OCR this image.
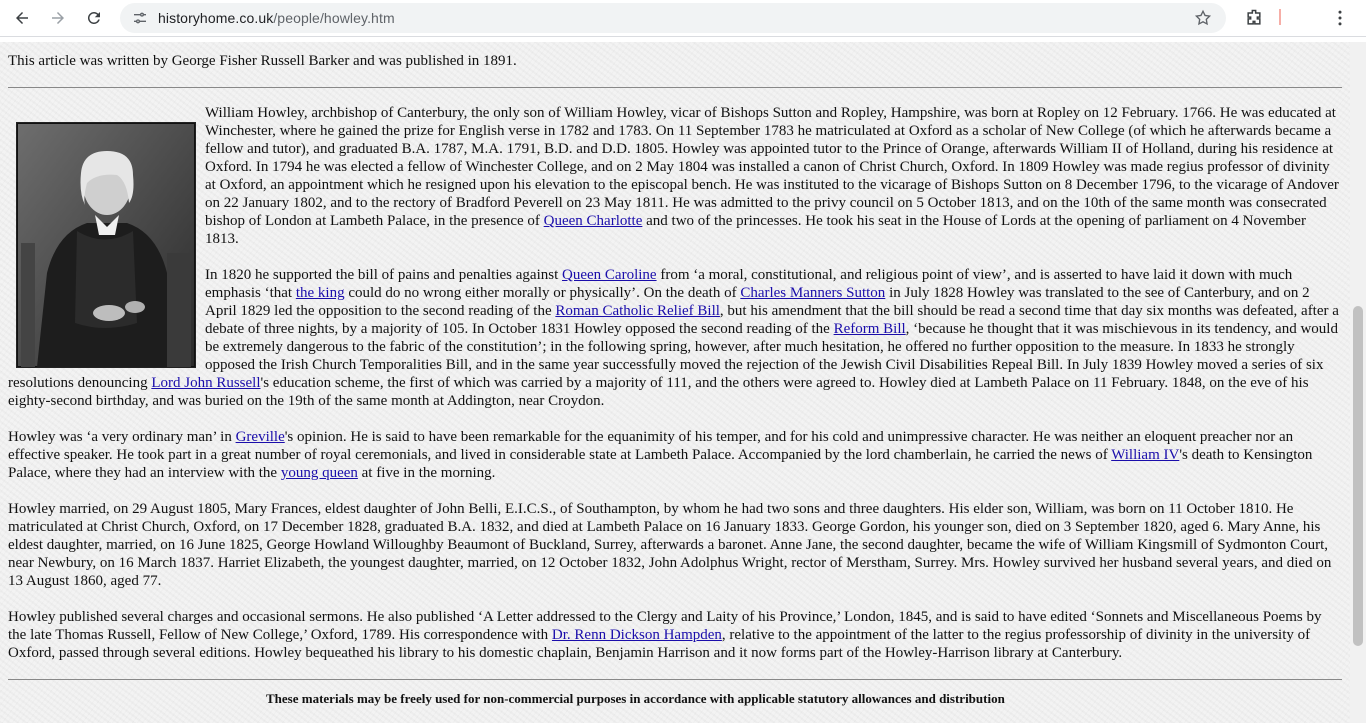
historyhome.co.uk/people/howley.htm
This article was written by George Fisher Russell Barker and was published in 1891.

William Howley, archbishop of Canterbury, the only son of William Howley, vicar of Bishops Sutton and Ropley, Hampshire, was born at Ropley on 12 February. 1766. He was educated at Winchester, where he gained the prize for English verse in 1782 and 1783. On 11 September 1783 he matriculated at Oxford as a scholar of New College (of which he afterwards became a fellow and tutor), and graduated B.A. 1787, M.A. 1791, B.D. and D.D. 1805. Howley was appointed tutor to the Prince of Orange, afterwards William II of Holland, during his residence at Oxford. In 1794 he was elected a fellow of Winchester College, and on 2 May 1804 was installed a canon of Christ Church, Oxford. In 1809 Howley was made regius professor of divinity at Oxford, an appointment which he resigned upon his elevation to the episcopal bench. He was instituted to the vicarage of Bishops Sutton on 8 December 1796, to the vicarage of Andover on 22 January 1802, and to the rectory of Bradford Peverell on 23 May 1811. He was admitted to the privy council on 5 October 1813, and on the 10th of the same month was consecrated bishop of London at Lambeth Palace, in the presence of Queen Charlotte and two of the princesses. He took his seat in the House of Lords at the opening of parliament on 4 November 1813.

In 1820 he supported the bill of pains and penalties against Queen Caroline from ‘a moral, constitutional, and religious point of view’, and is asserted to have laid it down with much emphasis ‘that the king could do no wrong either morally or physically’. On the death of Charles Manners Sutton in July 1828 Howley was translated to the see of Canterbury, and on 2 April 1829 led the opposition to the second reading of the Roman Catholic Relief Bill, but his amendment that the bill should be read a second time that day six months was defeated, after a debate of three nights, by a majority of 105. In October 1831 Howley opposed the second reading of the Reform Bill, ‘because he thought that it was mischievous in its tendency, and would be extremely dangerous to the fabric of the constitution’; in the following spring, however, after much hesitation, he offered no further opposition to the measure. In 1833 he strongly opposed the Irish Church Temporalities Bill, and in the same year successfully moved the rejection of the Jewish Civil Disabilities Repeal Bill. In July 1839 Howley moved a series of six resolutions denouncing Lord John Russell's education scheme, the first of which was carried by a majority of 111, and the others were agreed to. Howley died at Lambeth Palace on 11 February. 1848, on the eve of his eighty-second birthday, and was buried on the 19th of the same month at Addington, near Croydon.

Howley was ‘a very ordinary man’ in Greville's opinion. He is said to have been remarkable for the equanimity of his temper, and for his cold and unimpressive character. He was neither an eloquent preacher nor an effective speaker. He took part in a great number of royal ceremonials, and lived in considerable state at Lambeth Palace. Accompanied by the lord chamberlain, he carried the news of William IV's death to Kensington Palace, where they had an interview with the young queen at five in the morning.

Howley married, on 29 August 1805, Mary Frances, eldest daughter of John Belli, E.I.C.S., of Southampton, by whom he had two sons and three daughters. His elder son, William, was born on 11 October 1810. He matriculated at Christ Church, Oxford, on 17 December 1828, graduated B.A. 1832, and died at Lambeth Palace on 16 January 1833. George Gordon, his younger son, died on 3 September 1820, aged 6. Mary Anne, his eldest daughter, married, on 16 June 1825, George Howland Willoughby Beaumont of Buckland, Surrey, afterwards a baronet. Anne Jane, the second daughter, became the wife of William Kingsmill of Sydmonton Court, near Newbury, on 16 March 1837. Harriet Elizabeth, the youngest daughter, married, on 12 October 1832, John Adolphus Wright, rector of Merstham, Surrey. Mrs. Howley survived her husband several years, and died on 13 August 1860, aged 77.

Howley published several charges and occasional sermons. He also published ‘A Letter addressed to the Clergy and Laity of his Province,’ London, 1845, and is said to have edited ‘Sonnets and Miscellaneous Poems by the late Thomas Russell, Fellow of New College,’ Oxford, 1789. His correspondence with Dr. Renn Dickson Hampden, relative to the appointment of the latter to the regius professorship of divinity in the university of Oxford, passed through several editions. Howley bequeathed his library to his domestic chaplain, Benjamin Harrison and it now forms part of the Howley-Harrison library at Canterbury.

These materials may be freely used for non-commercial purposes in accordance with applicable statutory allowances and distribution
